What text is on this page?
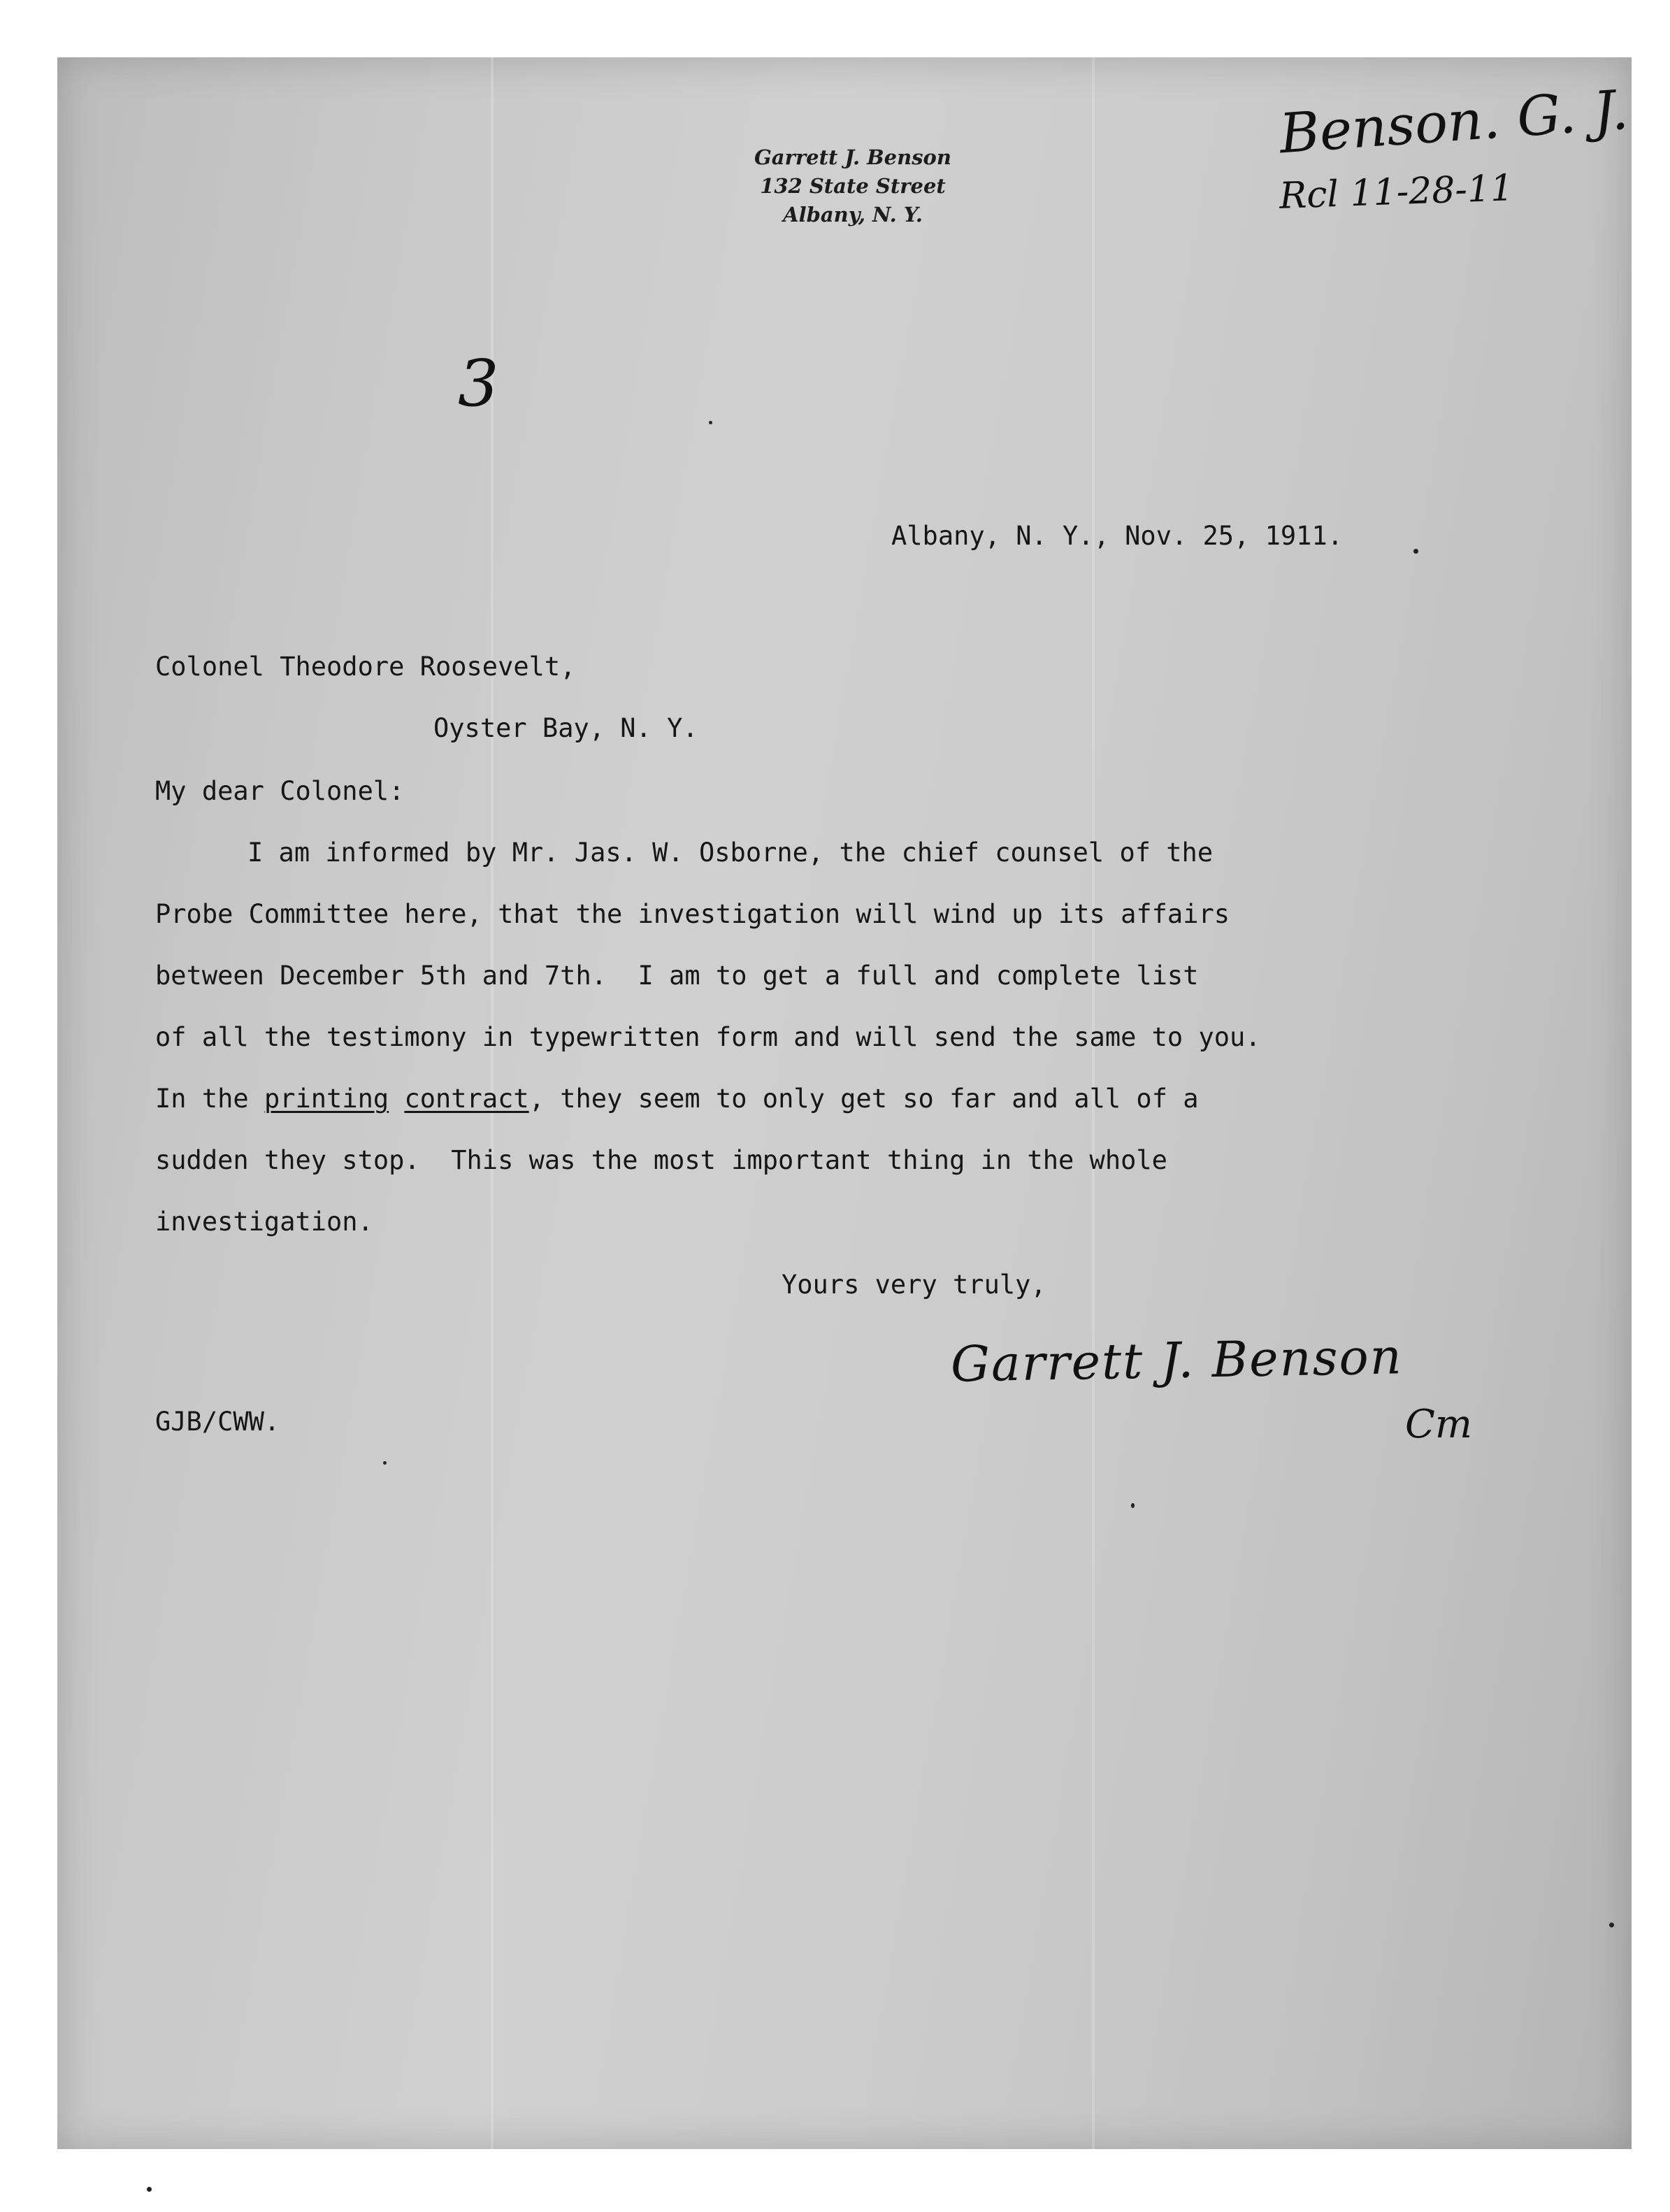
Garrett J. Benson
132 State Street
Albany, N. Y.
Benson. G. J.
Rcl 11-28-11
3
Albany, N. Y., Nov. 25, 1911.
Colonel Theodore Roosevelt,
Oyster Bay, N. Y.
My dear Colonel:
I am informed by Mr. Jas. W. Osborne, the chief counsel of the
Probe Committee here, that the investigation will wind up its affairs
between December 5th and 7th.  I am to get a full and complete list
of all the testimony in typewritten form and will send the same to you.
In the printing contract, they seem to only get so far and all of a
sudden they stop.  This was the most important thing in the whole
investigation.
Yours very truly,
Garrett J. Benson
Cm
GJB/CWW.
